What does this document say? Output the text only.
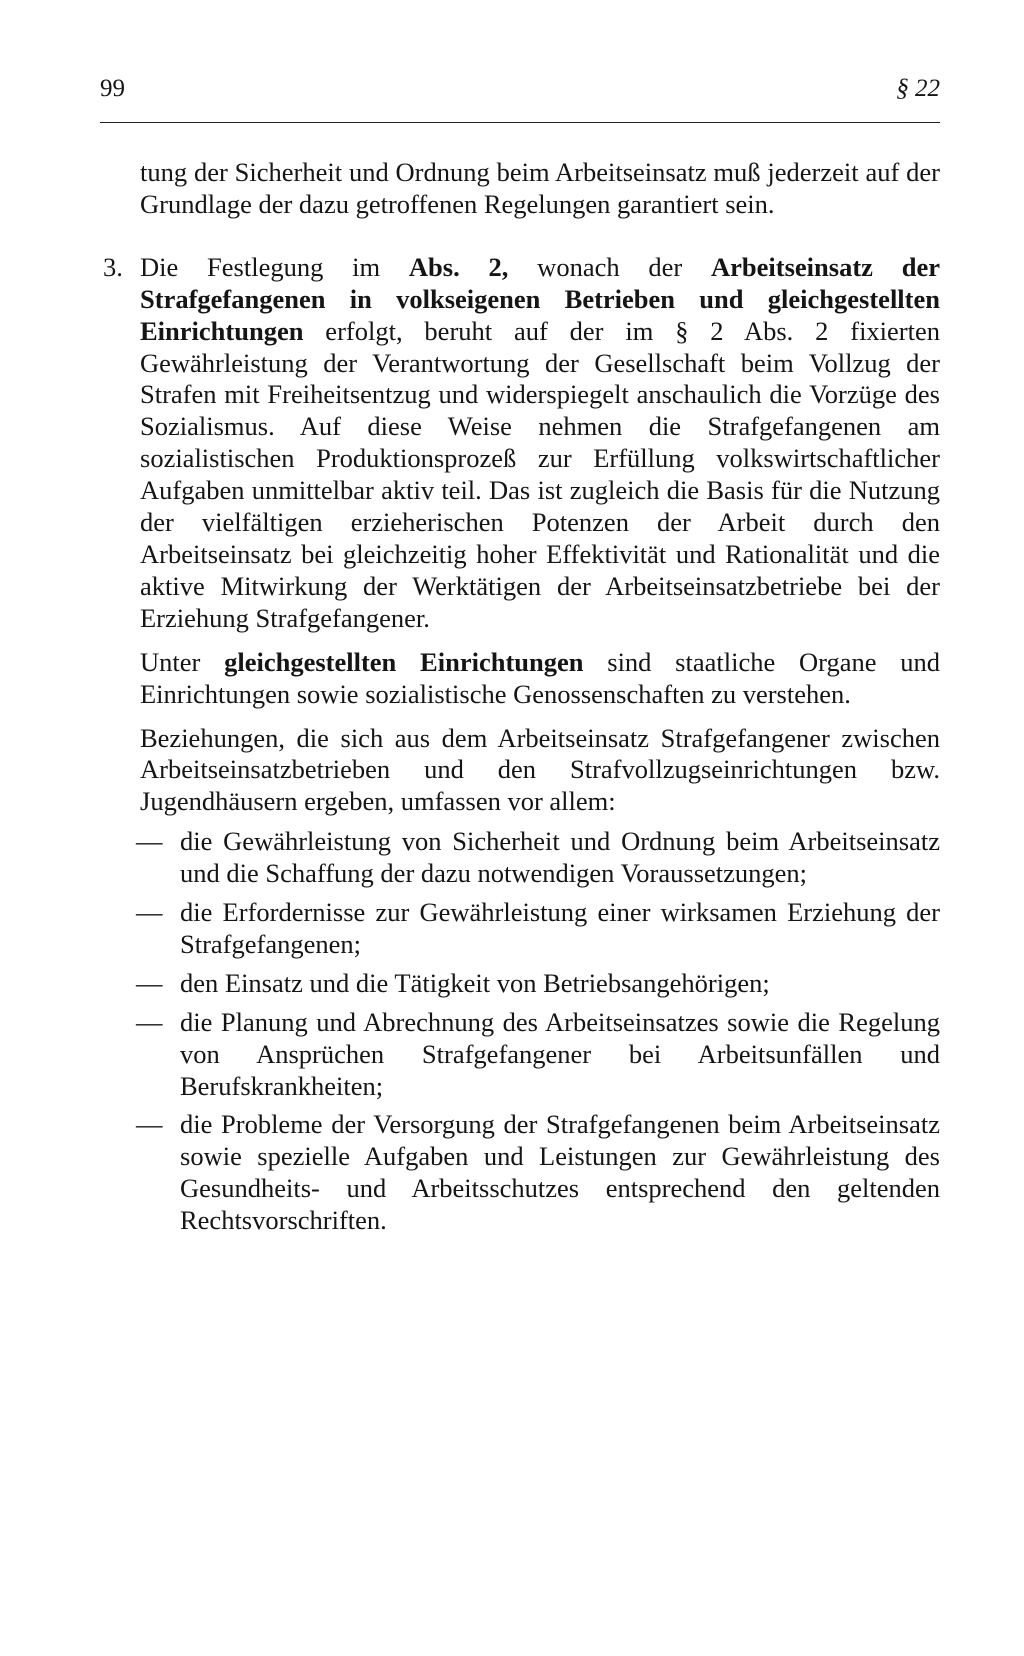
99	§ 22

tung der Sicherheit und Ordnung beim Arbeitseinsatz muß jederzeit auf der Grundlage der dazu getroffenen Regelungen garantiert sein.

3. Die Festlegung im Abs. 2, wonach der Arbeitseinsatz der Strafgefangenen in volkseigenen Betrieben und gleichgestellten Einrichtungen erfolgt, beruht auf der im § 2 Abs. 2 fixierten Gewährleistung der Verantwortung der Gesellschaft beim Vollzug der Strafen mit Freiheitsentzug und widerspiegelt anschaulich die Vorzüge des Sozialismus. Auf diese Weise nehmen die Strafgefangenen am sozialistischen Produktionsprozeß zur Erfüllung volkswirtschaftlicher Aufgaben unmittelbar aktiv teil. Das ist zugleich die Basis für die Nutzung der vielfältigen erzieherischen Potenzen der Arbeit durch den Arbeitseinsatz bei gleichzeitig hoher Effektivität und Rationalität und die aktive Mitwirkung der Werktätigen der Arbeitseinsatzbetriebe bei der Erziehung Strafgefangener.

Unter gleichgestellten Einrichtungen sind staatliche Organe und Einrichtungen sowie sozialistische Genossenschaften zu verstehen.

Beziehungen, die sich aus dem Arbeitseinsatz Strafgefangener zwischen Arbeitseinsatzbetrieben und den Strafvollzugseinrichtungen bzw. Jugendhäusern ergeben, umfassen vor allem:

— die Gewährleistung von Sicherheit und Ordnung beim Arbeitseinsatz und die Schaffung der dazu notwendigen Voraussetzungen;
— die Erfordernisse zur Gewährleistung einer wirksamen Erziehung der Strafgefangenen;
— den Einsatz und die Tätigkeit von Betriebsangehörigen;
— die Planung und Abrechnung des Arbeitseinsatzes sowie die Regelung von Ansprüchen Strafgefangener bei Arbeitsunfällen und Berufskrankheiten;
— die Probleme der Versorgung der Strafgefangenen beim Arbeitseinsatz sowie spezielle Aufgaben und Leistungen zur Gewährleistung des Gesundheits- und Arbeitsschutzes entsprechend den geltenden Rechtsvorschriften.
